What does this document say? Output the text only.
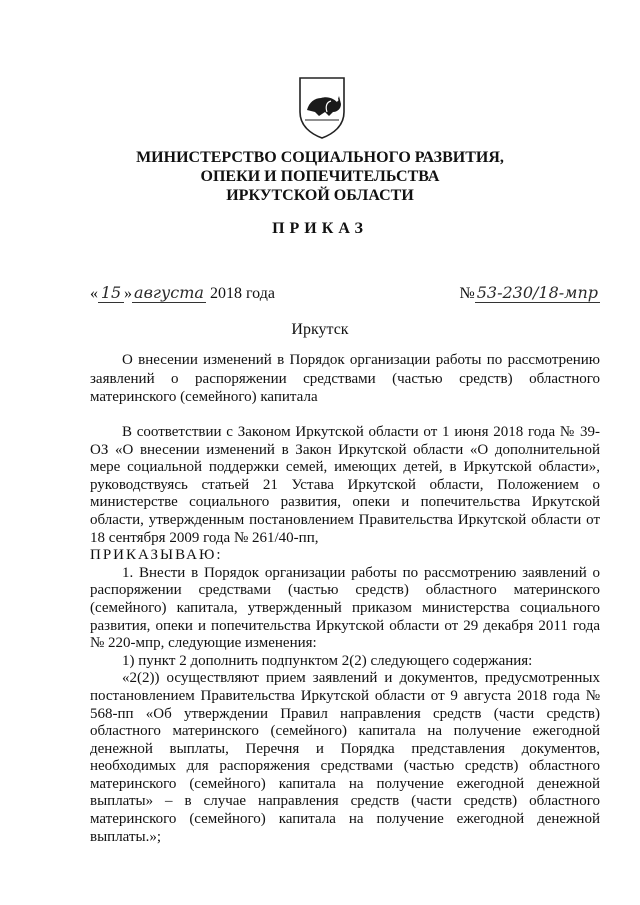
МИНИСТЕРСТВО СОЦИАЛЬНОГО РАЗВИТИЯ,
ОПЕКИ И ПОПЕЧИТЕЛЬСТВА
ИРКУТСКОЙ ОБЛАСТИ
ПРИКАЗ
« 15 » августа 2018 года	№ 53-230/18-мпр
Иркутск
О внесении изменений в Порядок организации работы по рассмотрению заявлений о распоряжении средствами (частью средств) областного материнского (семейного) капитала

В соответствии с Законом Иркутской области от 1 июня 2018 года № 39-ОЗ «О внесении изменений в Закон Иркутской области «О дополнительной мере социальной поддержки семей, имеющих детей, в Иркутской области», руководствуясь статьей 21 Устава Иркутской области, Положением о министерстве социального развития, опеки и попечительства Иркутской области, утвержденным постановлением Правительства Иркутской области от 18 сентября 2009 года № 261/40-пп,

ПРИКАЗЫВАЮ:

1. Внести в Порядок организации работы по рассмотрению заявлений о распоряжении средствами (частью средств) областного материнского (семейного) капитала, утвержденный приказом министерства социального развития, опеки и попечительства Иркутской области от 29 декабря 2011 года № 220-мпр, следующие изменения:

1) пункт 2 дополнить подпунктом 2(2) следующего содержания:

«2(2)) осуществляют прием заявлений и документов, предусмотренных постановлением Правительства Иркутской области от 9 августа 2018 года № 568-пп «Об утверждении Правил направления средств (части средств) областного материнского (семейного) капитала на получение ежегодной денежной выплаты, Перечня и Порядка представления документов, необходимых для распоряжения средствами (частью средств) областного материнского (семейного) капитала на получение ежегодной денежной выплаты» – в случае направления средств (части средств) областного материнского (семейного) капитала на получение ежегодной денежной выплаты.»;
